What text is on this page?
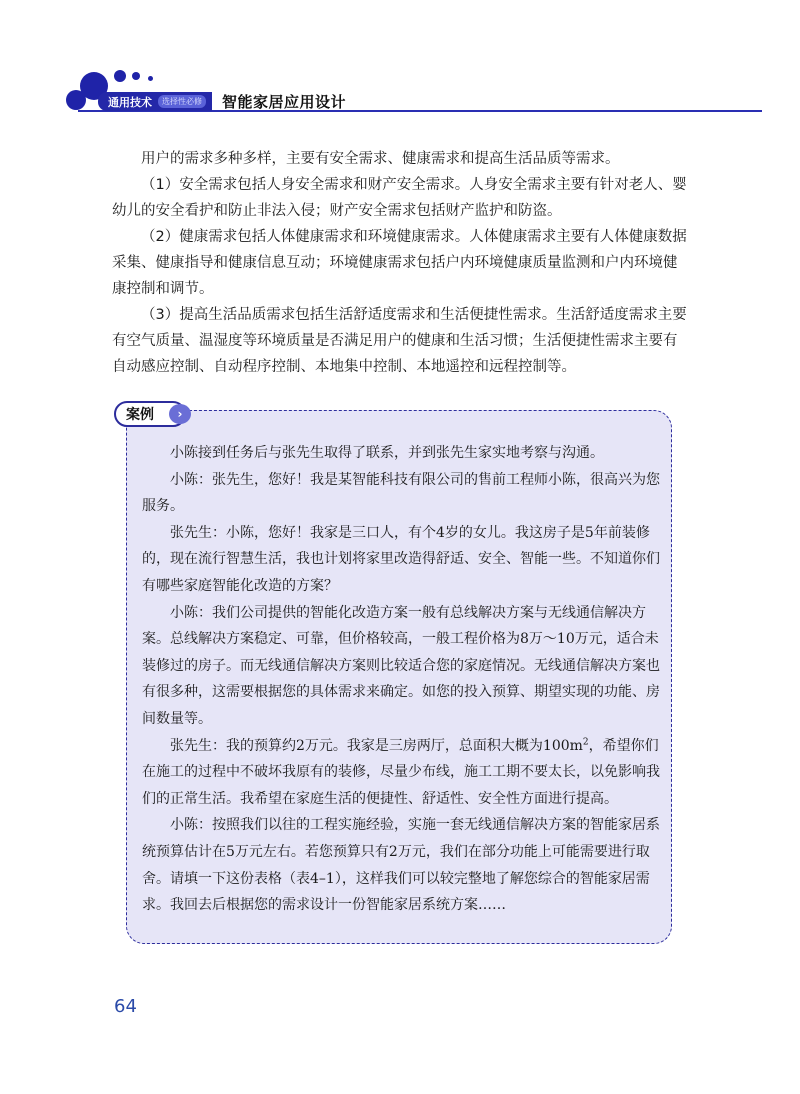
通用技术	选择性必修 智能家居应用设计

用户的需求多种多样，主要有安全需求、健康需求和提高生活品质等需求。

（1）安全需求包括人身安全需求和财产安全需求。人身安全需求主要有针对老人、婴幼儿的安全看护和防止非法入侵；财产安全需求包括财产监护和防盗。

（2）健康需求包括人体健康需求和环境健康需求。人体健康需求主要有人体健康数据采集、健康指导和健康信息互动；环境健康需求包括户内环境健康质量监测和户内环境健康控制和调节。

（3）提高生活品质需求包括生活舒适度需求和生活便捷性需求。生活舒适度需求主要有空气质量、温湿度等环境质量是否满足用户的健康和生活习惯；生活便捷性需求主要有自动感应控制、自动程序控制、本地集中控制、本地遥控和远程控制等。

案例	›

小陈接到任务后与张先生取得了联系，并到张先生家实地考察与沟通。

小陈：张先生，您好！我是某智能科技有限公司的售前工程师小陈，很高兴为您服务。

张先生：小陈，您好！我家是三口人，有个4岁的女儿。我这房子是5年前装修的，现在流行智慧生活，我也计划将家里改造得舒适、安全、智能一些。不知道你们有哪些家庭智能化改造的方案？

小陈：我们公司提供的智能化改造方案一般有总线解决方案与无线通信解决方案。总线解决方案稳定、可靠，但价格较高，一般工程价格为8万～10万元，适合未装修过的房子。而无线通信解决方案则比较适合您的家庭情况。无线通信解决方案也有很多种，这需要根据您的具体需求来确定。如您的投入预算、期望实现的功能、房间数量等。

张先生：我的预算约2万元。我家是三房两厅，总面积大概为$100m^2$，希望你们在施工的过程中不破坏我原有的装修，尽量少布线，施工工期不要太长，以免影响我们的正常生活。我希望在家庭生活的便捷性、舒适性、安全性方面进行提高。

小陈：按照我们以往的工程实施经验，实施一套无线通信解决方案的智能家居系统预算估计在5万元左右。若您预算只有2万元，我们在部分功能上可能需要进行取舍。请填一下这份表格（表4–1），这样我们可以较完整地了解您综合的智能家居需求。我回去后根据您的需求设计一份智能家居系统方案……

64
